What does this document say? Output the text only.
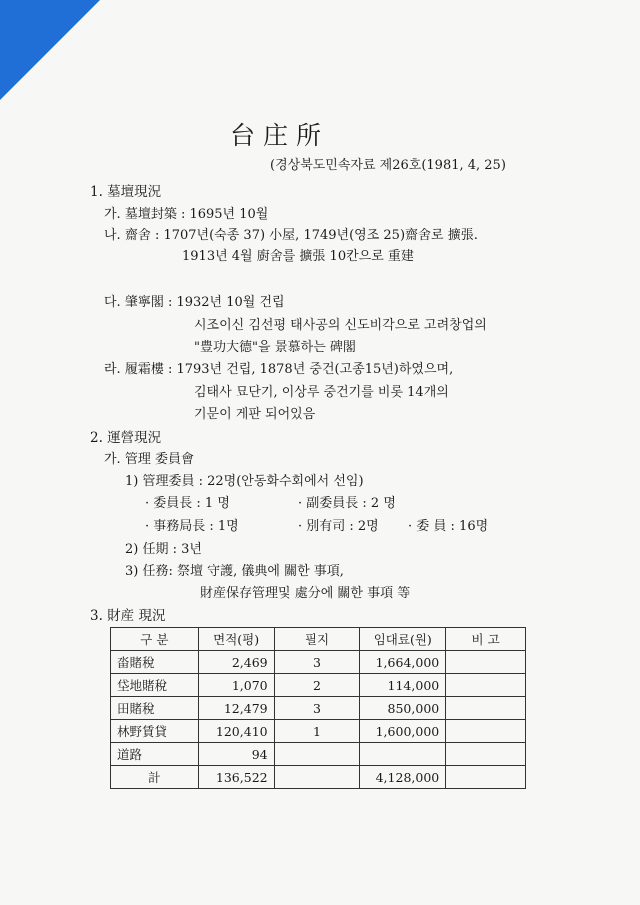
台庄所
(경상북도민속자료 제26호(1981, 4, 25)
1. 墓壇現況
가. 墓壇封築 : 1695년 10월
나. 齋舍 : 1707년(숙종 37) 小屋, 1749년(영조 25)齋舍로 擴張.
1913년 4월 廚舍를 擴張 10칸으로 重建
다. 肇寧閣 : 1932년 10월 건립
시조이신 김선평 태사공의 신도비각으로 고려창업의
"豊功大德"을 景慕하는 碑閣
라. 履霜樓 : 1793년 건립, 1878년 중건(고종15년)하였으며,
김태사 묘단기, 이상루 중건기를 비롯 14개의
기문이 게판 되어있음
2. 運營現況
가. 管理 委員會
1) 管理委員 : 22명(안동화수회에서 선임)
· 委員長 : 1 명	· 副委員長 : 2 명
· 事務局長 : 1명	· 別有司 : 2명 · 委 員 : 16명
2) 任期 : 3년
3) 任務: 祭壇 守護, 儀典에 關한 事項,
財産保存管理및 處分에 關한 事項 等
3. 財産 現況
구 분	면적(평)	필지	임대료(원)	비 고
畓賭稅	2,469	3	1,664,000	
垈地賭稅	1,070	2	114,000	
田賭稅	12,479	3	850,000	
林野賃貸	120,410	1	1,600,000	
道路	94			
計	136,522		4,128,000	
